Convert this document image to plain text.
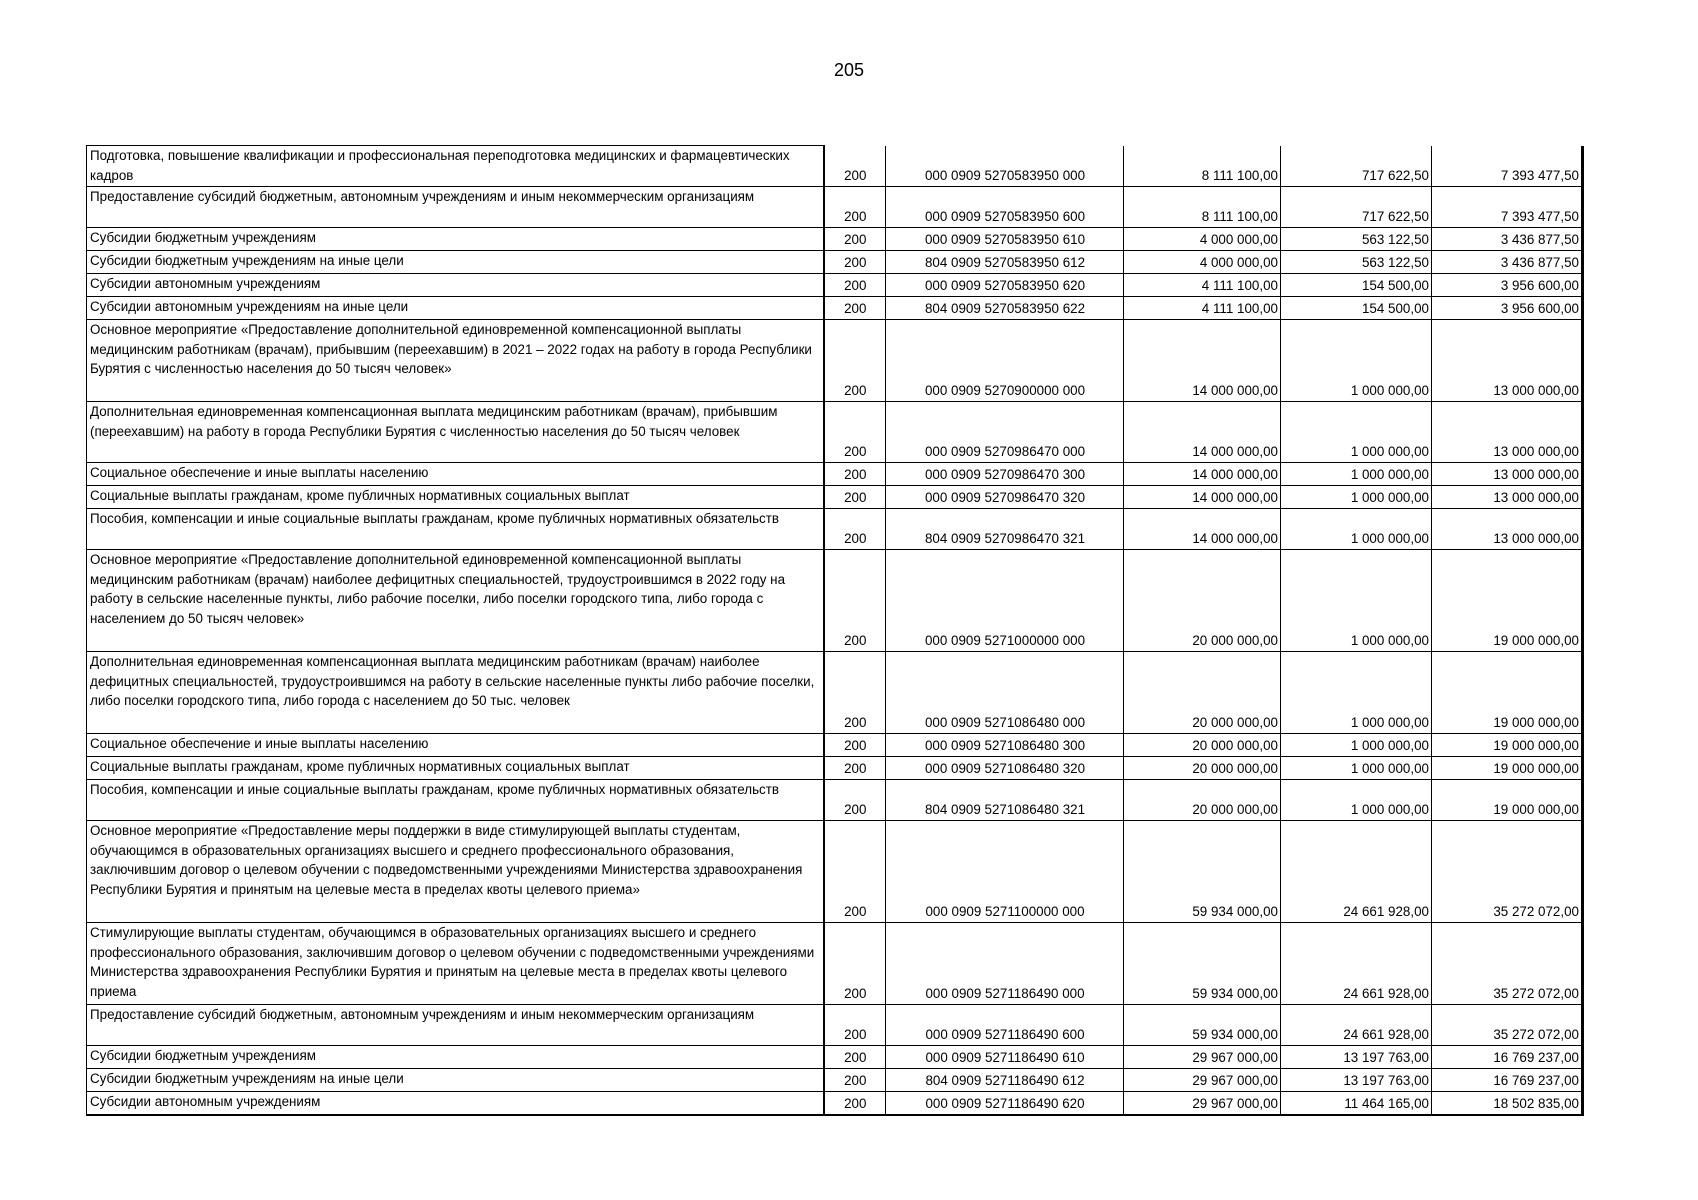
205
Подготовка, повышение квалификации и профессиональная переподготовка медицинских и фармацевтических кадров	200	000 0909 5270583950 000	8 111 100,00	717 622,50	7 393 477,50
Предоставление субсидий бюджетным, автономным учреждениям и иным некоммерческим организациям	200	000 0909 5270583950 600	8 111 100,00	717 622,50	7 393 477,50
Субсидии бюджетным учреждениям	200	000 0909 5270583950 610	4 000 000,00	563 122,50	3 436 877,50
Субсидии бюджетным учреждениям на иные цели	200	804 0909 5270583950 612	4 000 000,00	563 122,50	3 436 877,50
Субсидии автономным учреждениям	200	000 0909 5270583950 620	4 111 100,00	154 500,00	3 956 600,00
Субсидии автономным учреждениям на иные цели	200	804 0909 5270583950 622	4 111 100,00	154 500,00	3 956 600,00
Основное мероприятие «Предоставление дополнительной единовременной компенсационной выплаты медицинским работникам (врачам), прибывшим (переехавшим) в 2021 – 2022 годах на работу в города Республики Бурятия с численностью населения до 50 тысяч человек»	200	000 0909 5270900000 000	14 000 000,00	1 000 000,00	13 000 000,00
Дополнительная единовременная компенсационная выплата медицинским работникам (врачам), прибывшим (переехавшим) на работу в города Республики Бурятия с численностью населения до 50 тысяч человек	200	000 0909 5270986470 000	14 000 000,00	1 000 000,00	13 000 000,00
Социальное обеспечение и иные выплаты населению	200	000 0909 5270986470 300	14 000 000,00	1 000 000,00	13 000 000,00
Социальные выплаты гражданам, кроме публичных нормативных социальных выплат	200	000 0909 5270986470 320	14 000 000,00	1 000 000,00	13 000 000,00
Пособия, компенсации и иные социальные выплаты гражданам, кроме публичных нормативных обязательств	200	804 0909 5270986470 321	14 000 000,00	1 000 000,00	13 000 000,00
Основное мероприятие «Предоставление дополнительной единовременной компенсационной выплаты медицинским работникам (врачам) наиболее дефицитных специальностей, трудоустроившимся в 2022 году на работу в сельские населенные пункты, либо рабочие поселки, либо поселки городского типа, либо города с населением до 50 тысяч человек»	200	000 0909 5271000000 000	20 000 000,00	1 000 000,00	19 000 000,00
Дополнительная единовременная компенсационная выплата медицинским работникам (врачам) наиболее дефицитных специальностей, трудоустроившимся на работу в сельские населенные пункты либо рабочие поселки, либо поселки городского типа, либо города с населением до 50 тыс. человек	200	000 0909 5271086480 000	20 000 000,00	1 000 000,00	19 000 000,00
Социальное обеспечение и иные выплаты населению	200	000 0909 5271086480 300	20 000 000,00	1 000 000,00	19 000 000,00
Социальные выплаты гражданам, кроме публичных нормативных социальных выплат	200	000 0909 5271086480 320	20 000 000,00	1 000 000,00	19 000 000,00
Пособия, компенсации и иные социальные выплаты гражданам, кроме публичных нормативных обязательств	200	804 0909 5271086480 321	20 000 000,00	1 000 000,00	19 000 000,00
Основное мероприятие «Предоставление меры поддержки в виде стимулирующей выплаты студентам, обучающимся в образовательных организациях высшего и среднего профессионального образования, заключившим договор о целевом обучении с подведомственными учреждениями Министерства здравоохранения Республики Бурятия и принятым на целевые места в пределах квоты целевого приема»	200	000 0909 5271100000 000	59 934 000,00	24 661 928,00	35 272 072,00
Стимулирующие выплаты студентам, обучающимся в образовательных организациях высшего и среднего профессионального образования, заключившим договор о целевом обучении с подведомственными учреждениями Министерства здравоохранения Республики Бурятия и принятым на целевые места в пределах квоты целевого приема	200	000 0909 5271186490 000	59 934 000,00	24 661 928,00	35 272 072,00
Предоставление субсидий бюджетным, автономным учреждениям и иным некоммерческим организациям	200	000 0909 5271186490 600	59 934 000,00	24 661 928,00	35 272 072,00
Субсидии бюджетным учреждениям	200	000 0909 5271186490 610	29 967 000,00	13 197 763,00	16 769 237,00
Субсидии бюджетным учреждениям на иные цели	200	804 0909 5271186490 612	29 967 000,00	13 197 763,00	16 769 237,00
Субсидии автономным учреждениям	200	000 0909 5271186490 620	29 967 000,00	11 464 165,00	18 502 835,00
